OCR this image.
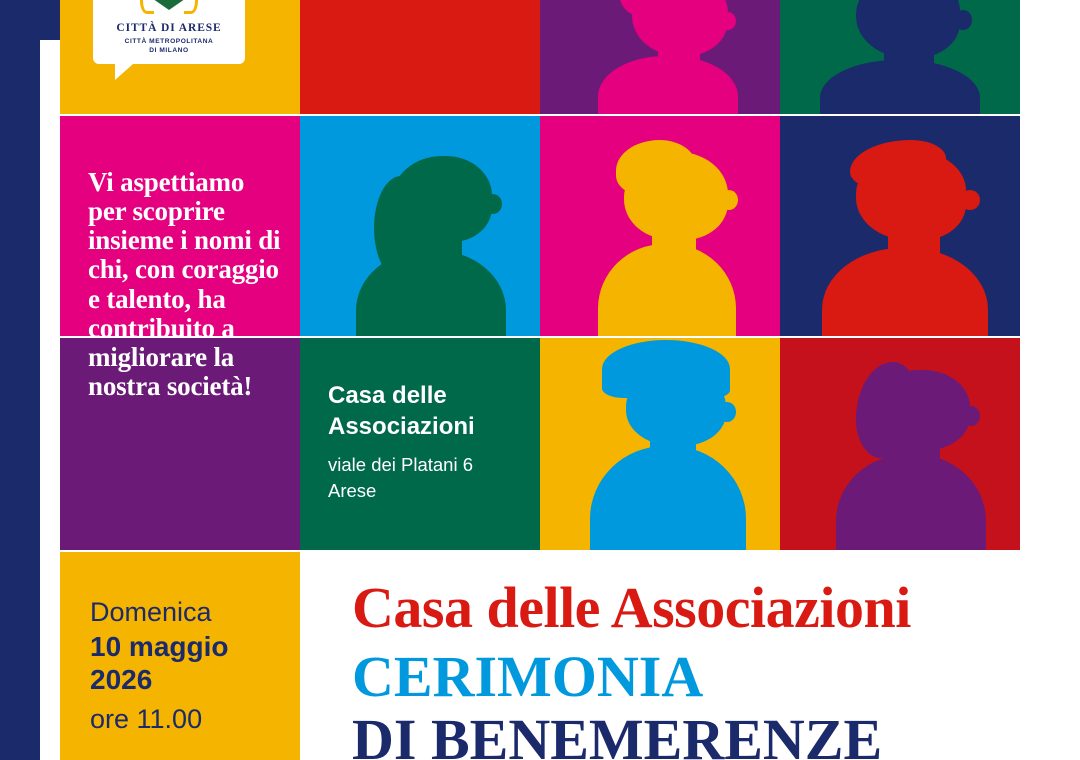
CITTÀ DI ARESE
CITTÀ METROPOLITANA
DI MILANO
Casa delle Associazioni
viale dei Platani 6
Arese
Vi aspettiamo per scoprire insieme i nomi di chi, con coraggio e talento, ha contribuito a migliorare la nostra società!
Domenica
10 maggio 2026
ore 11.00
Casa delle Associazioni
CERIMONIA
DI BENEMERENZE
